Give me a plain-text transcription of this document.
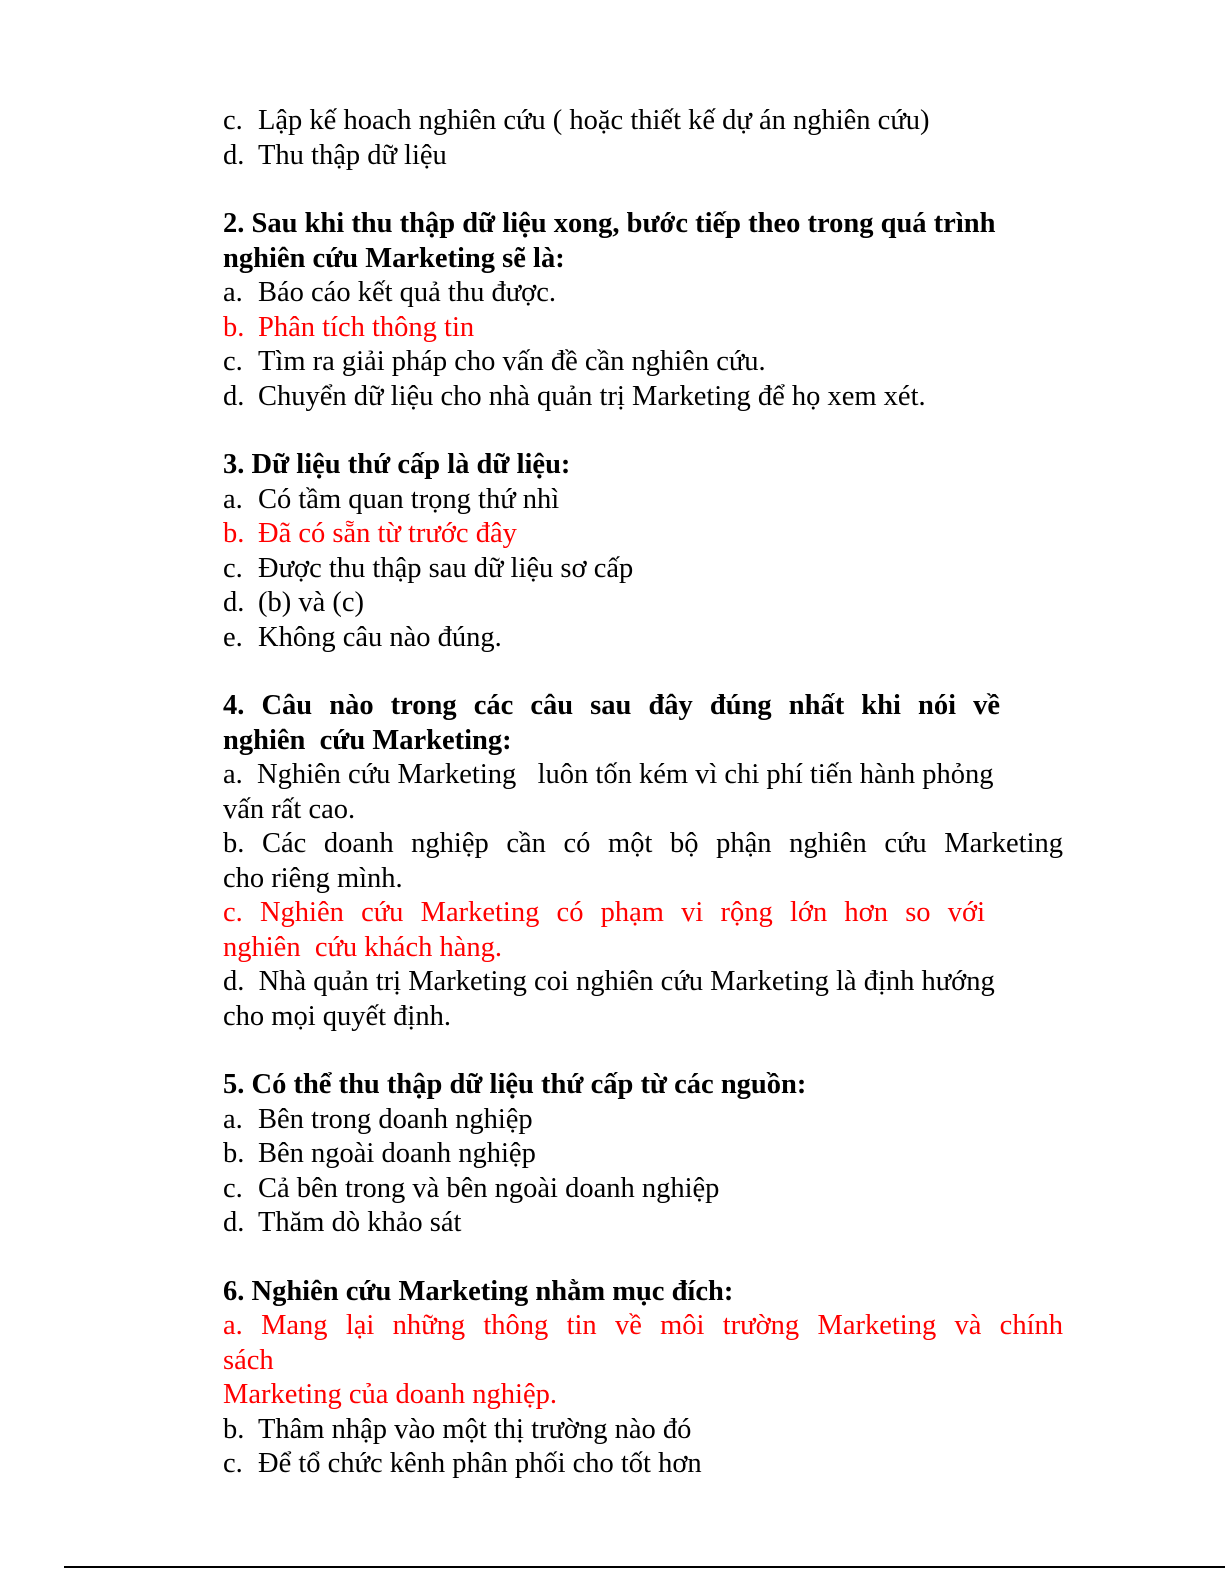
c. Lập kế hoach nghiên cứu ( hoặc thiết kế dự án nghiên cứu)
d. Thu thập dữ liệu
2. Sau khi thu thập dữ liệu xong, bước tiếp theo trong quá trình
nghiên cứu Marketing sẽ là:
a. Báo cáo kết quả thu được.
b. Phân tích thông tin
c. Tìm ra giải pháp cho vấn đề cần nghiên cứu.
d. Chuyển dữ liệu cho nhà quản trị Marketing để họ xem xét.
3. Dữ liệu thứ cấp là dữ liệu:
a. Có tầm quan trọng thứ nhì
b. Đã có sẵn từ trước đây
c. Được thu thập sau dữ liệu sơ cấp
d. (b) và (c)
e. Không câu nào đúng.
4. Câu nào trong các câu sau đây đúng nhất khi nói về
nghiên  cứu Marketing:
a.  Nghiên cứu Marketing   luôn tốn kém vì chi phí tiến hành phỏng
vấn rất cao.
b. Các doanh nghiệp cần có một bộ phận nghiên cứu Marketing
cho riêng mình.
c. Nghiên cứu Marketing có phạm vi rộng lớn hơn so với
nghiên  cứu khách hàng.
d.  Nhà quản trị Marketing coi nghiên cứu Marketing là định hướng
cho mọi quyết định.
5. Có thể thu thập dữ liệu thứ cấp từ các nguồn:
a. Bên trong doanh nghiệp
b. Bên ngoài doanh nghiệp
c. Cả bên trong và bên ngoài doanh nghiệp
d. Thăm dò khảo sát
6. Nghiên cứu Marketing nhằm mục đích:
a. Mang lại những thông tin về môi trường Marketing và chính
sách
Marketing của doanh nghiệp.
b. Thâm nhập vào một thị trường nào đó
c. Để tổ chức kênh phân phối cho tốt hơn
